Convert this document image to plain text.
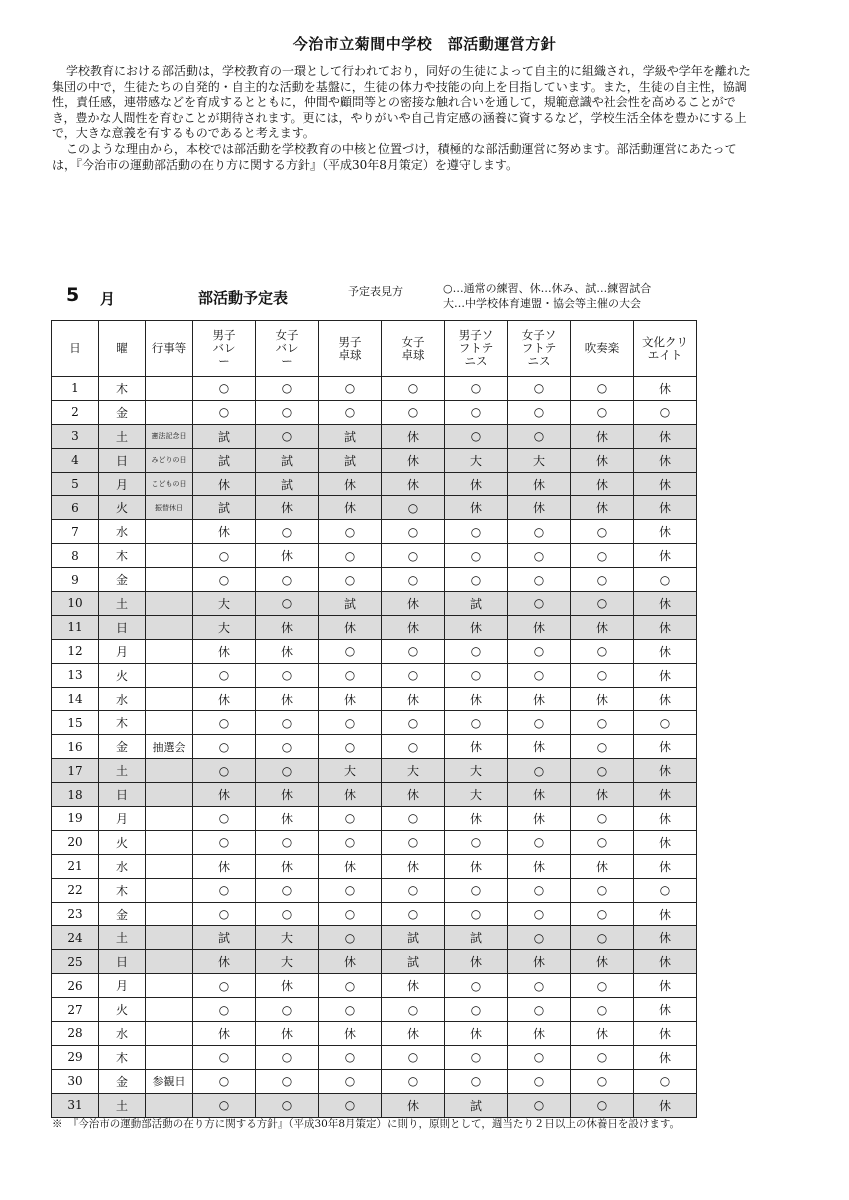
今治市立菊間中学校　部活動運営方針

学校教育における部活動は，学校教育の一環として行われており，同好の生徒によって自主的に組織され，学級や学年を離れた集団の中で，生徒たちの自発的・自主的な活動を基盤に，生徒の体力や技能の向上を目指しています。また，生徒の自主性，協調性，責任感，連帯感などを育成するとともに，仲間や顧問等との密接な触れ合いを通して，規範意識や社会性を高めることができ，豊かな人間性を育むことが期待されます。更には，やりがいや自己肯定感の涵養に資するなど，学校生活全体を豊かにする上で，大きな意義を有するものであると考えます。

このような理由から，本校では部活動を学校教育の中核と位置づけ，積極的な部活動運営に努めます。部活動運営にあたっては，『今治市の運動部活動の在り方に関する方針』（平成30年8月策定）を遵守します。

5 月	部活動予定表	予定表見方	○…通常の練習、休…休み、試…練習試合
大…中学校体育連盟・協会等主催の大会
日	曜	行事等	男子バレー	女子バレー	男子卓球	女子卓球	男子ソフトテニス	女子ソフトテニス	吹奏楽	文化クリエイト
1	木		○	○	○	○	○	○	○	休
2	金		○	○	○	○	○	○	○	○
3	土	憲法記念日	試	○	試	休	○	○	休	休
4	日	みどりの日	試	試	試	休	大	大	休	休
5	月	こどもの日	休	試	休	休	休	休	休	休
6	火	振替休日	試	休	休	○	休	休	休	休
7	水		休	○	○	○	○	○	○	休
8	木		○	休	○	○	○	○	○	休
9	金		○	○	○	○	○	○	○	○
10	土		大	○	試	休	試	○	○	休
11	日		大	休	休	休	休	休	休	休
12	月		休	休	○	○	○	○	○	休
13	火		○	○	○	○	○	○	○	休
14	水		休	休	休	休	休	休	休	休
15	木		○	○	○	○	○	○	○	○
16	金	抽選会	○	○	○	○	休	休	○	休
17	土		○	○	大	大	大	○	○	休
18	日		休	休	休	休	大	休	休	休
19	月		○	休	○	○	休	休	○	休
20	火		○	○	○	○	○	○	○	休
21	水		休	休	休	休	休	休	休	休
22	木		○	○	○	○	○	○	○	○
23	金		○	○	○	○	○	○	○	休
24	土		試	大	○	試	試	○	○	休
25	日		休	大	休	試	休	休	休	休
26	月		○	休	○	休	○	○	○	休
27	火		○	○	○	○	○	○	○	休
28	水		休	休	休	休	休	休	休	休
29	木		○	○	○	○	○	○	○	休
30	金	参観日	○	○	○	○	○	○	○	○
31	土		○	○	○	休	試	○	○	休
※　『今治市の運動部活動の在り方に関する方針』（平成30年8月策定）に則り，原則として，週当たり２日以上の休養日を設けます。
